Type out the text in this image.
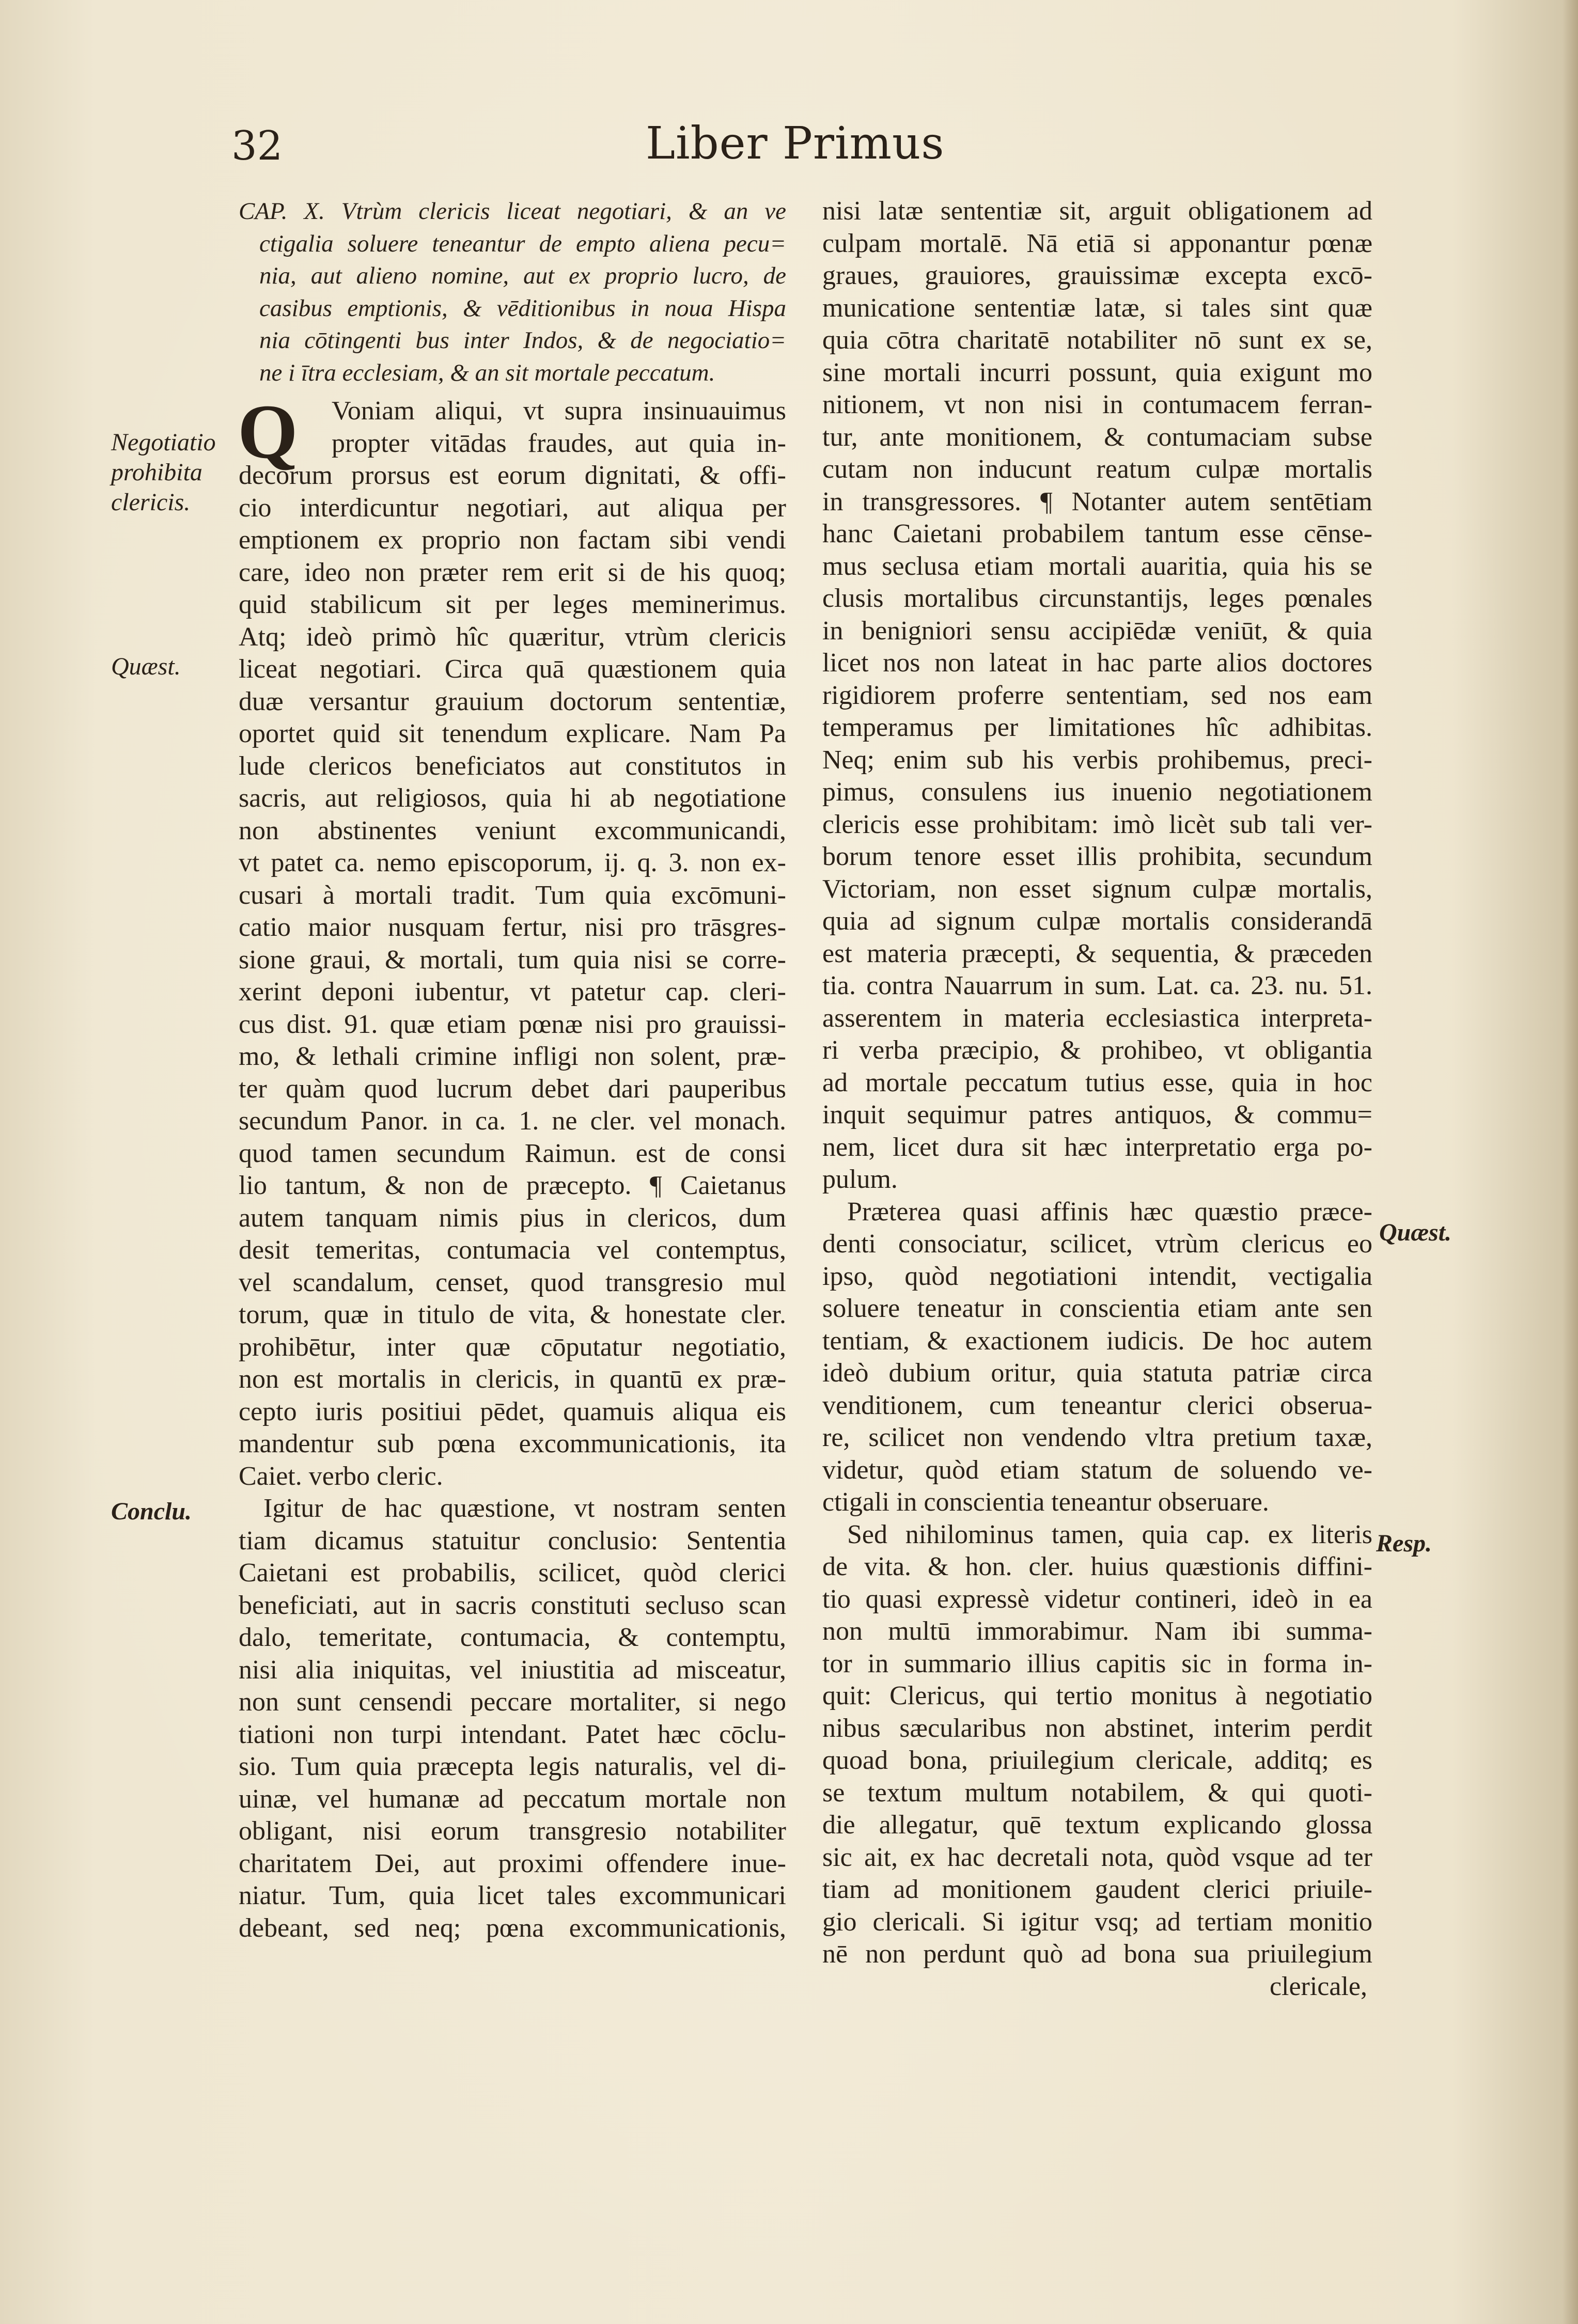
32	Liber Primus
Negotiatio
prohibita
clericis.
Quæst.
Conclu.
Quæst.
Resp.
CAP. X. Vtrùm clericis liceat negotiari, & an ve
ctigalia soluere teneantur de empto aliena pecu=
nia, aut alieno nomine, aut ex proprio lucro, de
casibus emptionis, & vēditionibus in noua Hispa
nia cōtingenti bus inter Indos, & de negociatio=
ne i ītra ecclesiam, & an sit mortale peccatum.
Q	Voniam aliqui, vt supra insinuauimus
propter vitādas fraudes, aut quia in-
decorum prorsus est eorum dignitati, & offi-
cio interdicuntur negotiari, aut aliqua per
emptionem ex proprio non factam sibi vendi
care, ideo non præter rem erit si de his quoq;
quid stabilicum sit per leges meminerimus.
Atq; ideò primò hîc quæritur, vtrùm clericis
liceat negotiari. Circa quā quæstionem quia
duæ versantur grauium doctorum sententiæ,
oportet quid sit tenendum explicare. Nam Pa
lude clericos beneficiatos aut constitutos in
sacris, aut religiosos, quia hi ab negotiatione
non abstinentes veniunt excommunicandi,
vt patet ca. nemo episcoporum, ij. q. 3. non ex-
cusari à mortali tradit. Tum quia excōmuni-
catio maior nusquam fertur, nisi pro trāsgres-
sione graui, & mortali, tum quia nisi se corre-
xerint deponi iubentur, vt patetur cap. cleri-
cus dist. 91. quæ etiam pœnæ nisi pro grauissi-
mo, & lethali crimine infligi non solent, præ-
ter quàm quod lucrum debet dari pauperibus
secundum Panor. in ca. 1. ne cler. vel monach.
quod tamen secundum Raimun. est de consi
lio tantum, & non de præcepto. ¶ Caietanus
autem tanquam nimis pius in clericos, dum
desit temeritas, contumacia vel contemptus,
vel scandalum, censet, quod transgresio mul
torum, quæ in titulo de vita, & honestate cler.
prohibētur, inter quæ cōputatur negotiatio,
non est mortalis in clericis, in quantū ex præ-
cepto iuris positiui pēdet, quamuis aliqua eis
mandentur sub pœna excommunicationis, ita
Caiet. verbo cleric.
Igitur de hac quæstione, vt nostram senten
tiam dicamus statuitur conclusio: Sententia
Caietani est probabilis, scilicet, quòd clerici
beneficiati, aut in sacris constituti secluso scan
dalo, temeritate, contumacia, & contemptu,
nisi alia iniquitas, vel iniustitia ad misceatur,
non sunt censendi peccare mortaliter, si nego
tiationi non turpi intendant. Patet hæc cōclu-
sio. Tum quia præcepta legis naturalis, vel di-
uinæ, vel humanæ ad peccatum mortale non
obligant, nisi eorum transgresio notabiliter
charitatem Dei, aut proximi offendere inue-
niatur. Tum, quia licet tales excommunicari
debeant, sed neq; pœna excommunicationis,
nisi latæ sententiæ sit, arguit obligationem ad
culpam mortalē. Nā etiā si apponantur pœnæ
graues, grauiores, grauissimæ excepta excō-
municatione sententiæ latæ, si tales sint quæ
quia cōtra charitatē notabiliter nō sunt ex se,
sine mortali incurri possunt, quia exigunt mo
nitionem, vt non nisi in contumacem ferran-
tur, ante monitionem, & contumaciam subse
cutam non inducunt reatum culpæ mortalis
in transgressores. ¶ Notanter autem sentētiam
hanc Caietani probabilem tantum esse cēnse-
mus seclusa etiam mortali auaritia, quia his se
clusis mortalibus circunstantijs, leges pœnales
in benigniori sensu accipiēdæ veniūt, & quia
licet nos non lateat in hac parte alios doctores
rigidiorem proferre sententiam, sed nos eam
temperamus per limitationes hîc adhibitas.
Neq; enim sub his verbis prohibemus, preci-
pimus, consulens ius inuenio negotiationem
clericis esse prohibitam: imò licèt sub tali ver-
borum tenore esset illis prohibita, secundum
Victoriam, non esset signum culpæ mortalis,
quia ad signum culpæ mortalis considerandā
est materia præcepti, & sequentia, & præceden
tia. contra Nauarrum in sum. Lat. ca. 23. nu. 51.
asserentem in materia ecclesiastica interpreta-
ri verba præcipio, & prohibeo, vt obligantia
ad mortale peccatum tutius esse, quia in hoc
inquit sequimur patres antiquos, & commu=
nem, licet dura sit hæc interpretatio erga po-
pulum.
Præterea quasi affinis hæc quæstio præce-
denti consociatur, scilicet, vtrùm clericus eo
ipso, quòd negotiationi intendit, vectigalia
soluere teneatur in conscientia etiam ante sen
tentiam, & exactionem iudicis. De hoc autem
ideò dubium oritur, quia statuta patriæ circa
venditionem, cum teneantur clerici obserua-
re, scilicet non vendendo vltra pretium taxæ,
videtur, quòd etiam statum de soluendo ve-
ctigali in conscientia teneantur obseruare.
Sed nihilominus tamen, quia cap. ex literis
de vita. & hon. cler. huius quæstionis diffini-
tio quasi expressè videtur contineri, ideò in ea
non multū immorabimur. Nam ibi summa-
tor in summario illius capitis sic in forma in-
quit: Clericus, qui tertio monitus à negotiatio
nibus sæcularibus non abstinet, interim perdit
quoad bona, priuilegium clericale, additq; es
se textum multum notabilem, & qui quoti-
die allegatur, quē textum explicando glossa
sic ait, ex hac decretali nota, quòd vsque ad ter
tiam ad monitionem gaudent clerici priuile-
gio clericali. Si igitur vsq; ad tertiam monitio
nē non perdunt quò ad bona sua priuilegium
clericale,
